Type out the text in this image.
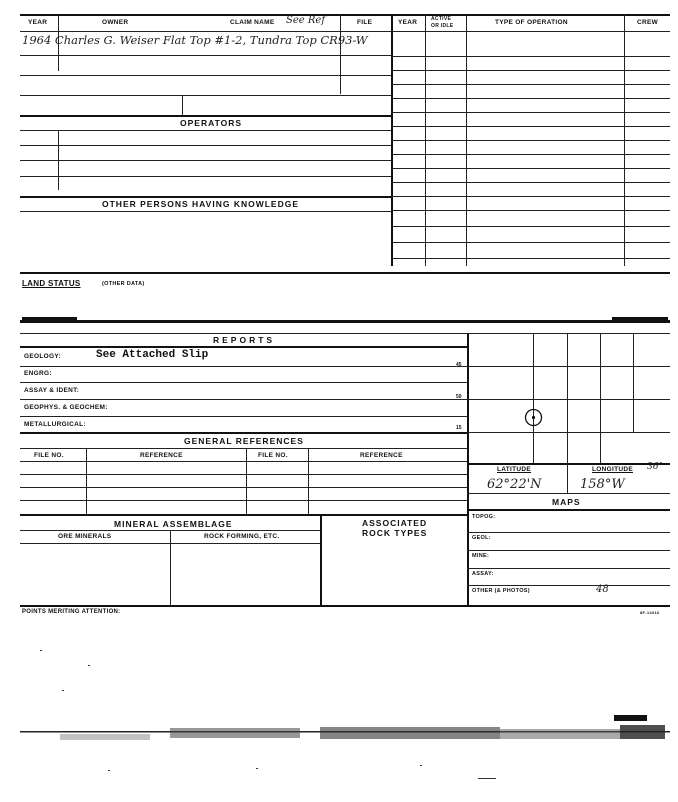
YEAR	OWNER	CLAIM NAME	FILE	YEAR	ACTIVE
OR IDLE	TYPE OF OPERATION	CREW
See Ref
1964 Charles G. Weiser Flat Top #1-2, Tundra Top CR93-W
OPERATORS
OTHER PERSONS HAVING KNOWLEDGE
LAND STATUS	(OTHER DATA)
REPORTS
GEOLOGY:	See Attached Slip
45
ENGRG:
ASSAY & IDENT:
50
GEOPHYS. & GEOCHEM:
METALLURGICAL:	15
GENERAL REFERENCES
FILE NO.	REFERENCE	FILE NO.	REFERENCE
MINERAL ASSEMBLAGE	ASSOCIATED
ROCK TYPES
ORE MINERALS	ROCK FORMING, ETC.
LATITUDE	LONGITUDE 36°
62°22'N	158°W
MAPS
TOPOG:
GEOL:
MINE:
ASSAY:
OTHER (& PHOTOS)	48
POINTS MERITING ATTENTION:	8F-14016
